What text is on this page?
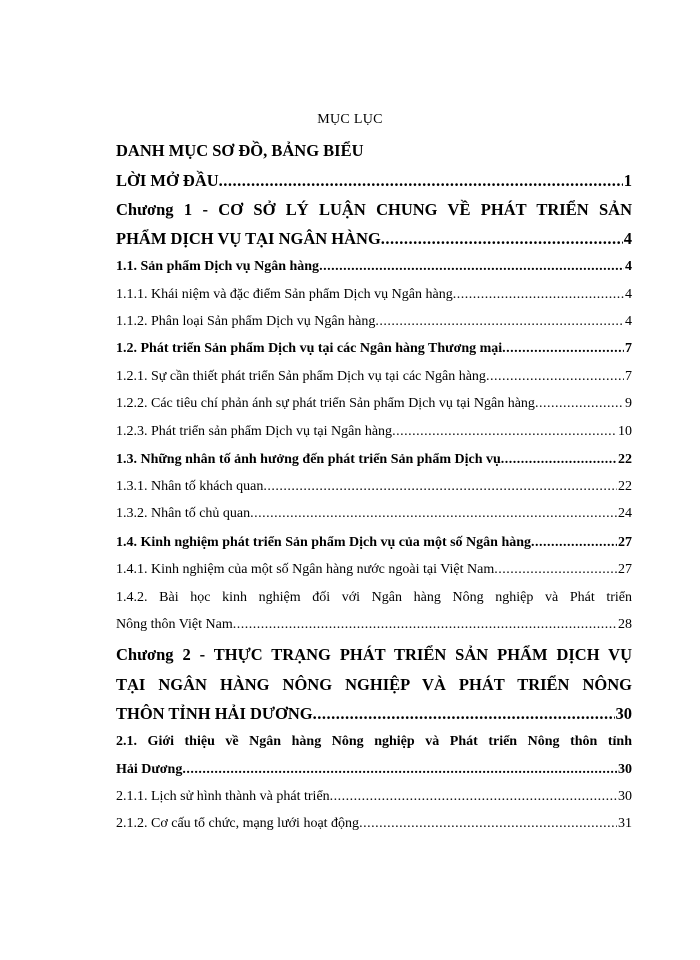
MỤC LỤC
DANH MỤC SƠ ĐỒ, BẢNG BIỂU
LỜI MỞ ĐẦU .....	1
Chương 1 - CƠ SỞ LÝ LUẬN CHUNG VỀ PHÁT TRIỂN SẢN
PHẨM DỊCH VỤ TẠI NGÂN HÀNG .....	4
1.1. Sản phẩm Dịch vụ Ngân hàng .....	4
1.1.1. Khái niệm và đặc điểm Sản phẩm Dịch vụ Ngân hàng .....	4
1.1.2. Phân loại Sản phẩm Dịch vụ Ngân hàng .....	4
1.2. Phát triển Sản phẩm Dịch vụ tại các Ngân hàng Thương mại .....	7
1.2.1. Sự cần thiết phát triển Sản phẩm Dịch vụ tại các Ngân hàng .....	7
1.2.2. Các tiêu chí phản ánh sự phát triển Sản phẩm Dịch vụ tại Ngân hàng .....	9
1.2.3. Phát triển sản phẩm Dịch vụ tại Ngân hàng .....	10
1.3. Những nhân tố ảnh hưởng đến phát triển Sản phẩm Dịch vụ .....	22
1.3.1. Nhân tố khách quan .....	22
1.3.2. Nhân tố chủ quan .....	24
1.4. Kinh nghiệm phát triển Sản phẩm Dịch vụ của một số Ngân hàng .....	27
1.4.1. Kinh nghiệm của một số Ngân hàng nước ngoài tại Việt Nam .....	27
1.4.2. Bài học kinh nghiệm đối với Ngân hàng Nông nghiệp và Phát triển
Nông thôn Việt Nam .....	28
Chương 2 - THỰC TRẠNG PHÁT TRIỂN SẢN PHẨM DỊCH VỤ
TẠI NGÂN HÀNG NÔNG NGHIỆP VÀ PHÁT TRIỂN NÔNG
THÔN TỈNH HẢI DƯƠNG .....	30
2.1. Giới thiệu về Ngân hàng Nông nghiệp và Phát triển Nông thôn tỉnh
Hải Dương .....	30
2.1.1. Lịch sử hình thành và phát triển .....	30
2.1.2. Cơ cấu tổ chức, mạng lưới hoạt động .....	31
